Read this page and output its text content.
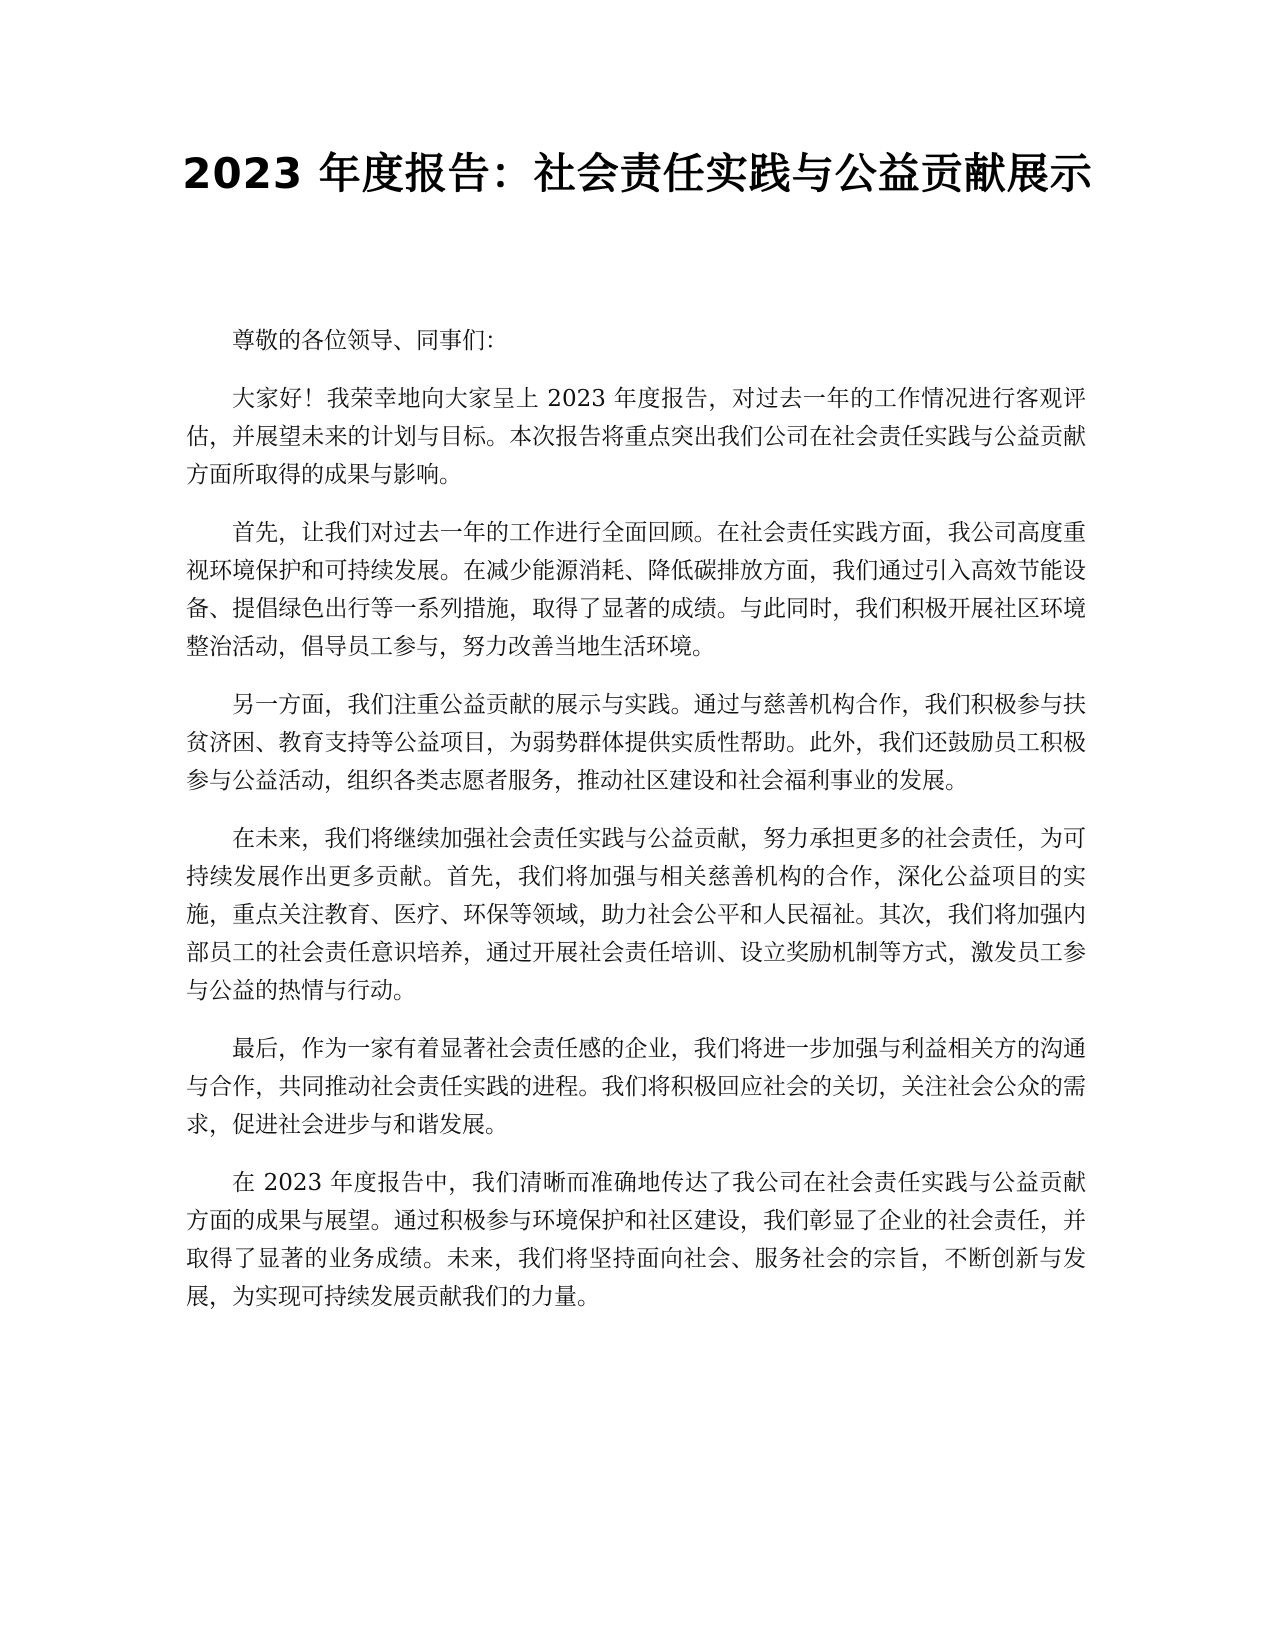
2023 年度报告：社会责任实践与公益贡献展示

尊敬的各位领导、同事们：

大家好！我荣幸地向大家呈上 2023 年度报告，对过去一年的工作情况进行客观评估，并展望未来的计划与目标。本次报告将重点突出我们公司在社会责任实践与公益贡献方面所取得的成果与影响。

首先，让我们对过去一年的工作进行全面回顾。在社会责任实践方面，我公司高度重视环境保护和可持续发展。在减少能源消耗、降低碳排放方面，我们通过引入高效节能设备、提倡绿色出行等一系列措施，取得了显著的成绩。与此同时，我们积极开展社区环境整治活动，倡导员工参与，努力改善当地生活环境。

另一方面，我们注重公益贡献的展示与实践。通过与慈善机构合作，我们积极参与扶贫济困、教育支持等公益项目，为弱势群体提供实质性帮助。此外，我们还鼓励员工积极参与公益活动，组织各类志愿者服务，推动社区建设和社会福利事业的发展。

在未来，我们将继续加强社会责任实践与公益贡献，努力承担更多的社会责任，为可持续发展作出更多贡献。首先，我们将加强与相关慈善机构的合作，深化公益项目的实施，重点关注教育、医疗、环保等领域，助力社会公平和人民福祉。其次，我们将加强内部员工的社会责任意识培养，通过开展社会责任培训、设立奖励机制等方式，激发员工参与公益的热情与行动。

最后，作为一家有着显著社会责任感的企业，我们将进一步加强与利益相关方的沟通与合作，共同推动社会责任实践的进程。我们将积极回应社会的关切，关注社会公众的需求，促进社会进步与和谐发展。

在 2023 年度报告中，我们清晰而准确地传达了我公司在社会责任实践与公益贡献方面的成果与展望。通过积极参与环境保护和社区建设，我们彰显了企业的社会责任，并取得了显著的业务成绩。未来，我们将坚持面向社会、服务社会的宗旨，不断创新与发展，为实现可持续发展贡献我们的力量。
